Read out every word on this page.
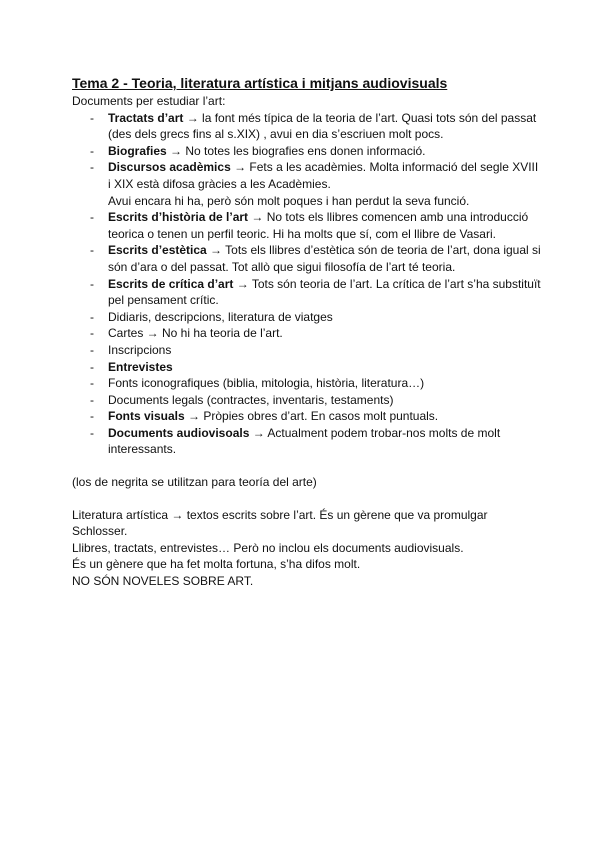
Tema 2 - Teoria, literatura artística i mitjans audiovisuals

Documents per estudiar l’art:

- Tractats d’art → la font més típica de la teoria de l’art. Quasi tots són del passat (des dels grecs fins al s.XIX) , avui en dia s’escriuen molt pocs.
- Biografies → No totes les biografies ens donen informació.
- Discursos acadèmics → Fets a les acadèmies. Molta informació del segle XVIII i XIX està difosa gràcies a les Acadèmies.
Avui encara hi ha, però són molt poques i han perdut la seva funció.
- Escrits d’història de l’art → No tots els llibres comencen amb una introducció teorica o tenen un perfil teoric. Hi ha molts que sí, com el llibre de Vasari.
- Escrits d’estètica → Tots els llibres d’estètica són de teoria de l’art, dona igual si són d’ara o del passat. Tot allò que sigui filosofía de l’art té teoria.
- Escrits de crítica d’art → Tots són teoria de l’art. La crítica de l’art s’ha substituït pel pensament crític.
- Didiaris, descripcions, literatura de viatges
- Cartes → No hi ha teoria de l’art.
- Inscripcions
- Entrevistes
- Fonts iconografiques (biblia, mitologia, història, literatura…)
- Documents legals (contractes, inventaris, testaments)
- Fonts visuals → Pròpies obres d’art. En casos molt puntuals.
- Documents audiovisoals → Actualment podem trobar-nos molts de molt interessants.

(los de negrita se utilitzan para teoría del arte)

Literatura artística → textos escrits sobre l’art. És un gèrene que va promulgar Schlosser.

Llibres, tractats, entrevistes… Però no inclou els documents audiovisuals.

És un gènere que ha fet molta fortuna, s’ha difos molt.

NO SÓN NOVELES SOBRE ART.
